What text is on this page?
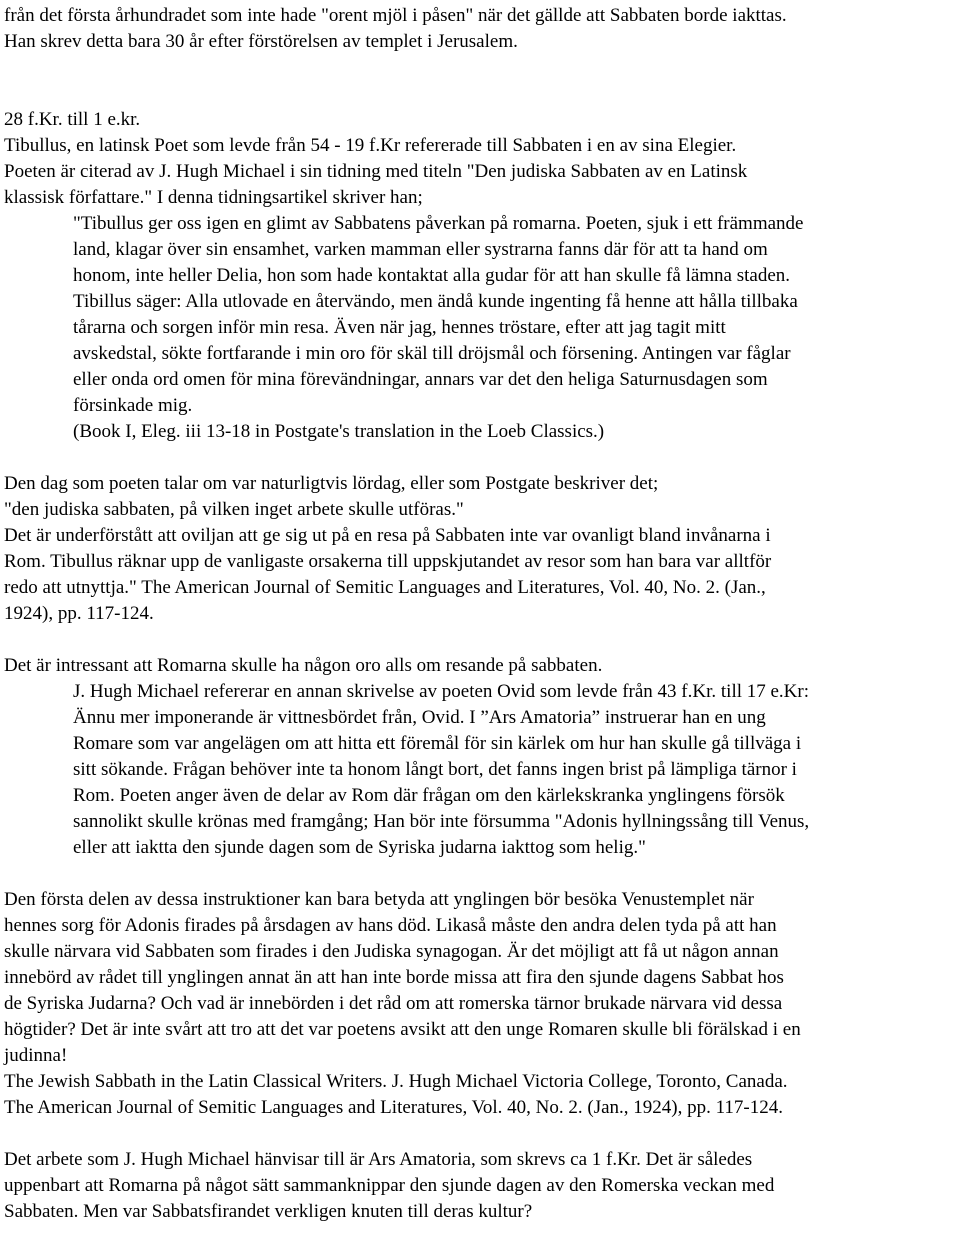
från det första århundradet som inte hade "orent mjöl i påsen" när det gällde att Sabbaten borde iakttas.

Han skrev detta bara 30 år efter förstörelsen av templet i Jerusalem.

28 f.Kr. till 1 e.kr.

Tibullus, en latinsk Poet som levde från 54 - 19 f.Kr refererade till Sabbaten i en av sina Elegier.

Poeten är citerad av J. Hugh Michael i sin tidning med titeln "Den judiska Sabbaten av en Latinsk

klassisk författare." I denna tidningsartikel skriver han;

"Tibullus ger oss igen en glimt av Sabbatens påverkan på romarna. Poeten, sjuk i ett främmande

land, klagar över sin ensamhet, varken mamman eller systrarna fanns där för att ta hand om

honom, inte heller Delia, hon som hade kontaktat alla gudar för att han skulle få lämna staden.

Tibillus säger: Alla utlovade en återvändo, men ändå kunde ingenting få henne att hålla tillbaka

tårarna och sorgen inför min resa. Även när jag, hennes tröstare, efter att jag tagit mitt

avskedstal, sökte fortfarande i min oro för skäl till dröjsmål och försening. Antingen var fåglar

eller onda ord omen för mina förevändningar, annars var det den heliga Saturnusdagen som

försinkade mig.

(Book I, Eleg. iii 13-18 in Postgate's translation in the Loeb Classics.)

Den dag som poeten talar om var naturligtvis lördag, eller som Postgate beskriver det;

"den judiska sabbaten, på vilken inget arbete skulle utföras."

Det är underförstått att oviljan att ge sig ut på en resa på Sabbaten inte var ovanligt bland invånarna i

Rom. Tibullus räknar upp de vanligaste orsakerna till uppskjutandet av resor som han bara var alltför

redo att utnyttja." The American Journal of Semitic Languages and Literatures, Vol. 40, No. 2. (Jan.,

1924), pp. 117-124.

Det är intressant att Romarna skulle ha någon oro alls om resande på sabbaten.

J. Hugh Michael refererar en annan skrivelse av poeten Ovid som levde från 43 f.Kr. till 17 e.Kr:

Ännu mer imponerande är vittnesbördet från, Ovid. I ”Ars Amatoria” instruerar han en ung

Romare som var angelägen om att hitta ett föremål för sin kärlek om hur han skulle gå tillväga i

sitt sökande. Frågan behöver inte ta honom långt bort, det fanns ingen brist på lämpliga tärnor i

Rom. Poeten anger även de delar av Rom där frågan om den kärlekskranka ynglingens försök

sannolikt skulle krönas med framgång; Han bör inte försumma "Adonis hyllningssång till Venus,

eller att iaktta den sjunde dagen som de Syriska judarna iakttog som helig."

Den första delen av dessa instruktioner kan bara betyda att ynglingen bör besöka Venustemplet när

hennes sorg för Adonis firades på årsdagen av hans död. Likaså måste den andra delen tyda på att han

skulle närvara vid Sabbaten som firades i den Judiska synagogan. Är det möjligt att få ut någon annan

innebörd av rådet till ynglingen annat än att han inte borde missa att fira den sjunde dagens Sabbat hos

de Syriska Judarna? Och vad är innebörden i det råd om att romerska tärnor brukade närvara vid dessa

högtider? Det är inte svårt att tro att det var poetens avsikt att den unge Romaren skulle bli förälskad i en

judinna!

The Jewish Sabbath in the Latin Classical Writers. J. Hugh Michael Victoria College, Toronto, Canada.

The American Journal of Semitic Languages and Literatures, Vol. 40, No. 2. (Jan., 1924), pp. 117-124.

Det arbete som J. Hugh Michael hänvisar till är Ars Amatoria, som skrevs ca 1 f.Kr. Det är således

uppenbart att Romarna på något sätt sammanknippar den sjunde dagen av den Romerska veckan med

Sabbaten. Men var Sabbatsfirandet verkligen knuten till deras kultur?
